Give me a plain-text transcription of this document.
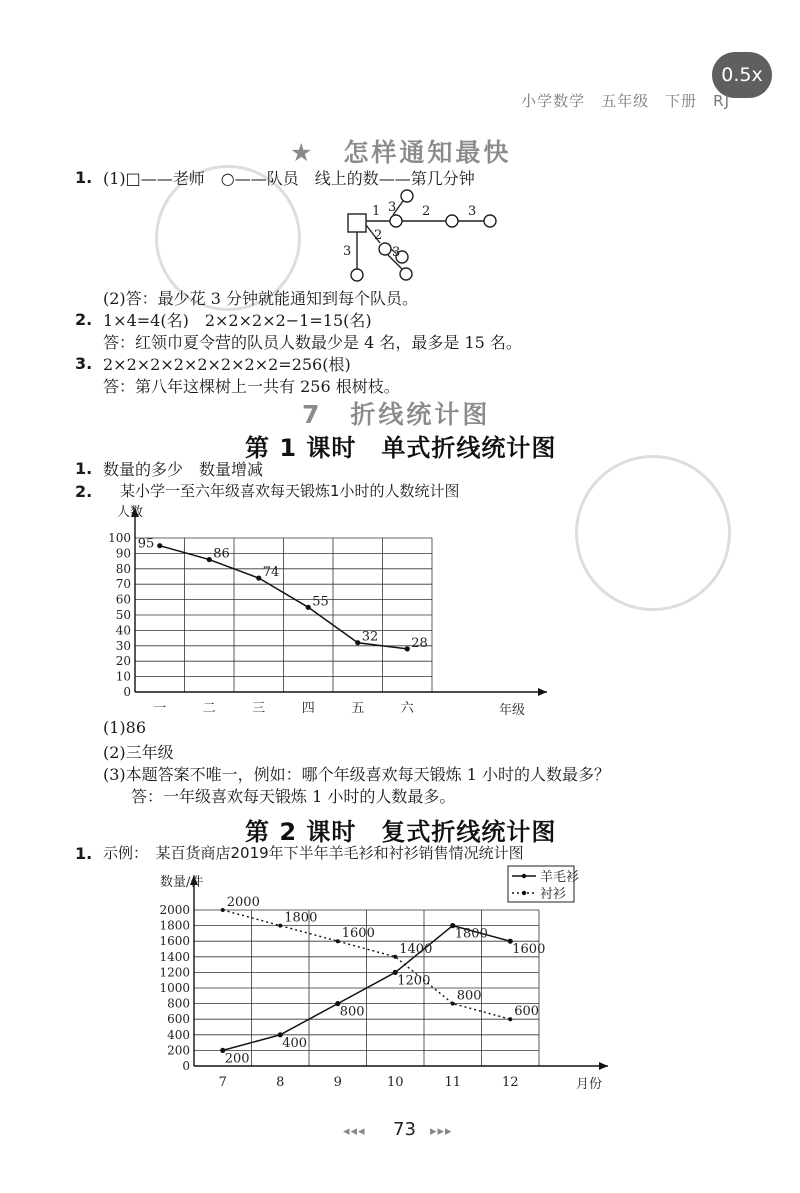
0.5x
小学数学　五年级　下册　RJ
★　怎样通知最快
1. (1)□——老师　○——队员　线上的数——第几分钟
1 3 2	3
2
3
3
(2)答：最少花 3 分钟就能通知到每个队员。
2. 1×4=4(名)　2×2×2×2−1=15(名)
答：红领巾夏令营的队员人数最少是 4 名，最多是 15 名。
3. 2×2×2×2×2×2×2×2=256(根)
答：第八年这棵树上一共有 256 根树枝。
7　折线统计图
第 1 课时　单式折线统计图
1. 数量的多少　数量增减
2. 某小学一至六年级喜欢每天锻炼1小时的人数统计图
0
10
20
30
40
50
60
70
80
90
100
人数
年级
一	二	三	四	五	六
95
86
74
55
32	28
(1)86
(2)三年级
(3)本题答案不唯一，例如：哪个年级喜欢每天锻炼 1 小时的人数最多？
答：一年级喜欢每天锻炼 1 小时的人数最多。
第 2 课时　复式折线统计图
1. 示例：　某百货商店2019年下半年羊毛衫和衬衫销售情况统计图
0
200
400
600
800
1000
1200
1400
1600
1800
2000
数量/件
月份
7	8	9	10	11	12
200
400
800
1200
1800
1600
2000
1800
1600
1400
800
600
羊毛衫
衬衫
◂◂◂ 73 ▸▸▸
